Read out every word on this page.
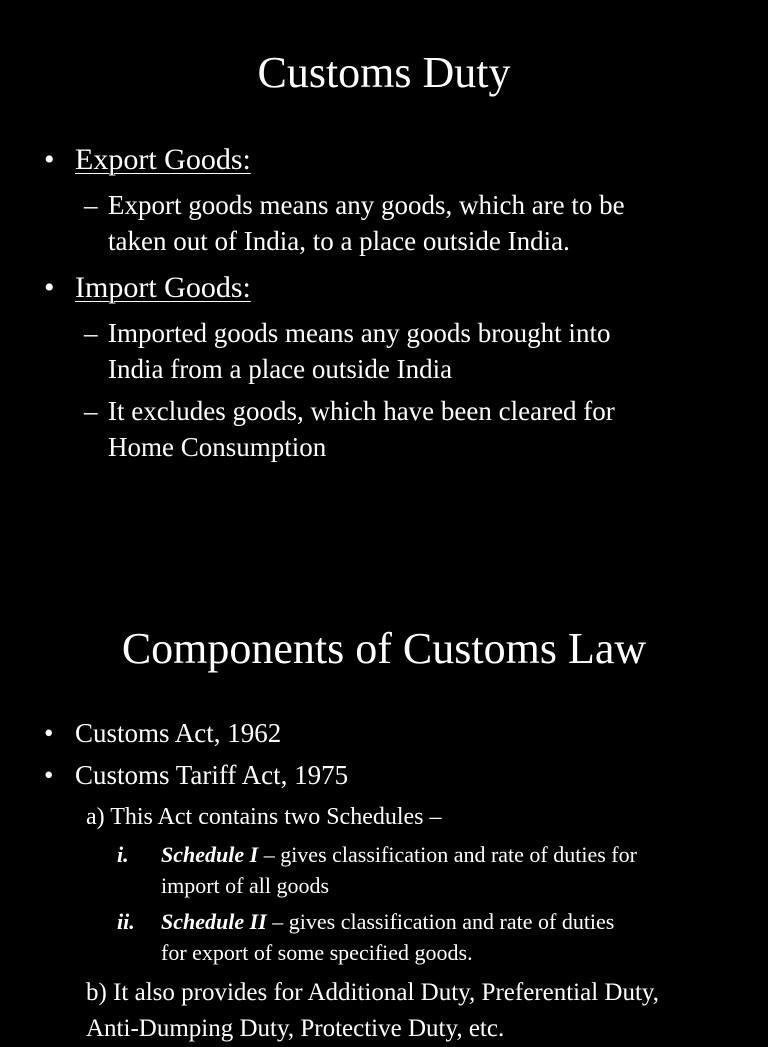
Customs Duty
• Export Goods:
– Export goods means any goods, which are to be
taken out of India, to a place outside India.
• Import Goods:
– Imported goods means any goods brought into
India from a place outside India
– It excludes goods, which have been cleared for
Home Consumption
Components of Customs Law
• Customs Act, 1962
• Customs Tariff Act, 1975
a) This Act contains two Schedules –
i. Schedule I – gives classification and rate of duties for
import of all goods
ii. Schedule II – gives classification and rate of duties
for export of some specified goods.
b) It also provides for Additional Duty, Preferential Duty,
Anti-Dumping Duty, Protective Duty, etc.
